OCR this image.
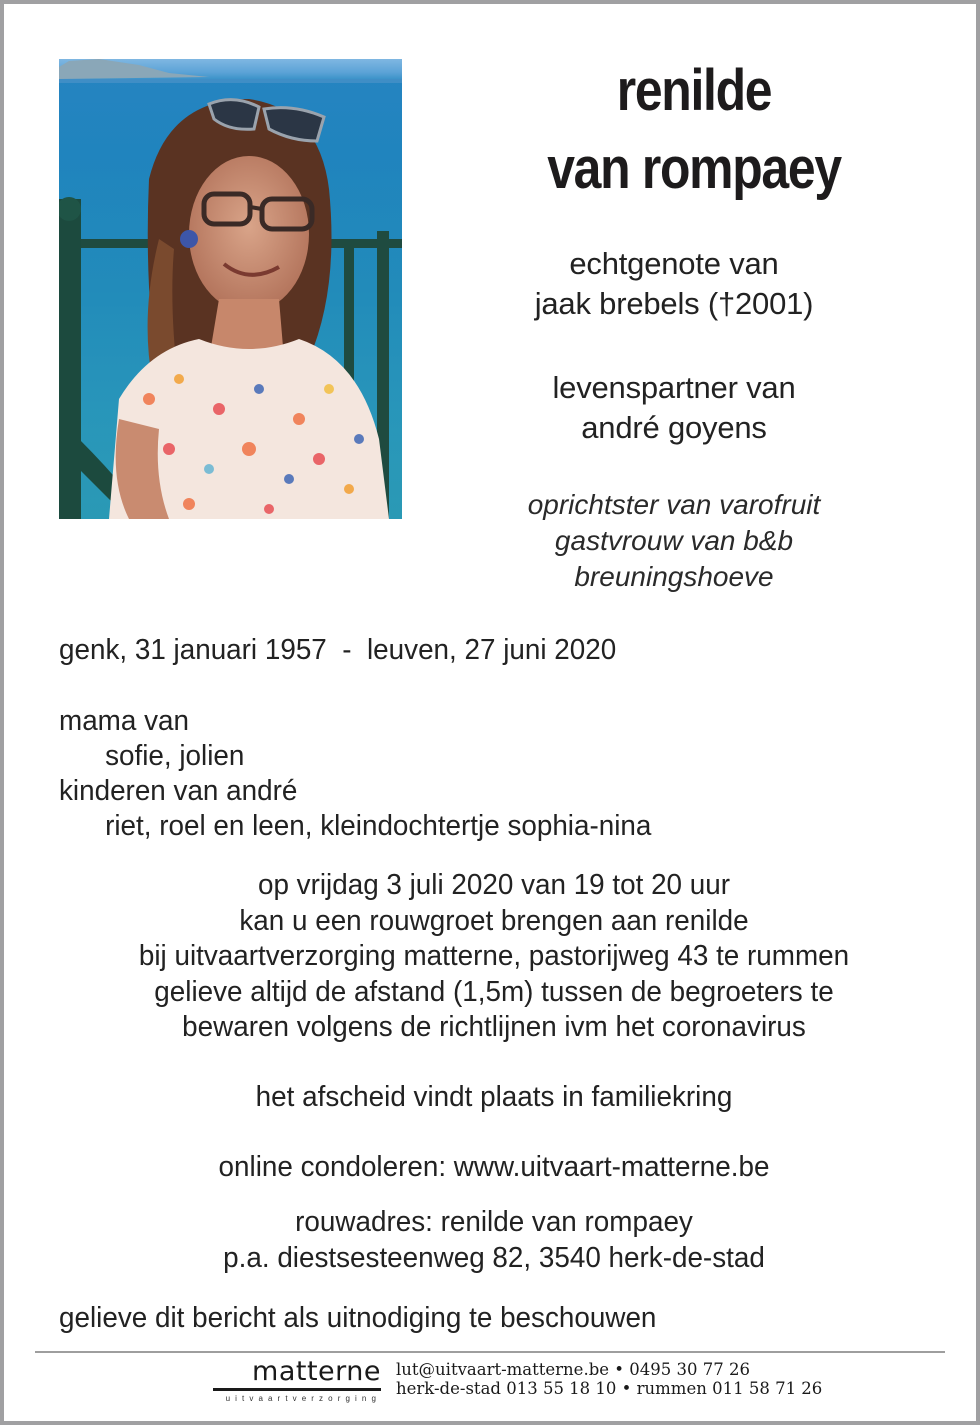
renilde
van rompaey
echtgenote van
jaak brebels (†2001)
levenspartner van
andré goyens
oprichtster van varofruit
gastvrouw van b&b
breuningshoeve
genk, 31 januari 1957  -  leuven, 27 juni 2020
mama van
sofie, jolien
kinderen van andré
riet, roel en leen, kleindochtertje sophia-nina
op vrijdag 3 juli 2020 van 19 tot 20 uur
kan u een rouwgroet brengen aan renilde
bij uitvaartverzorging matterne, pastorijweg 43 te rummen
gelieve altijd de afstand (1,5m) tussen de begroeters te
bewaren volgens de richtlijnen ivm het coronavirus
het afscheid vindt plaats in familiekring
online condoleren: www.uitvaart-matterne.be
rouwadres: renilde van rompaey
p.a. diestsesteenweg 82, 3540 herk-de-stad
gelieve dit bericht als uitnodiging te beschouwen
matterne
uitvaartverzorging
lut@uitvaart-matterne.be • 0495 30 77 26
herk-de-stad 013 55 18 10 • rummen 011 58 71 26
